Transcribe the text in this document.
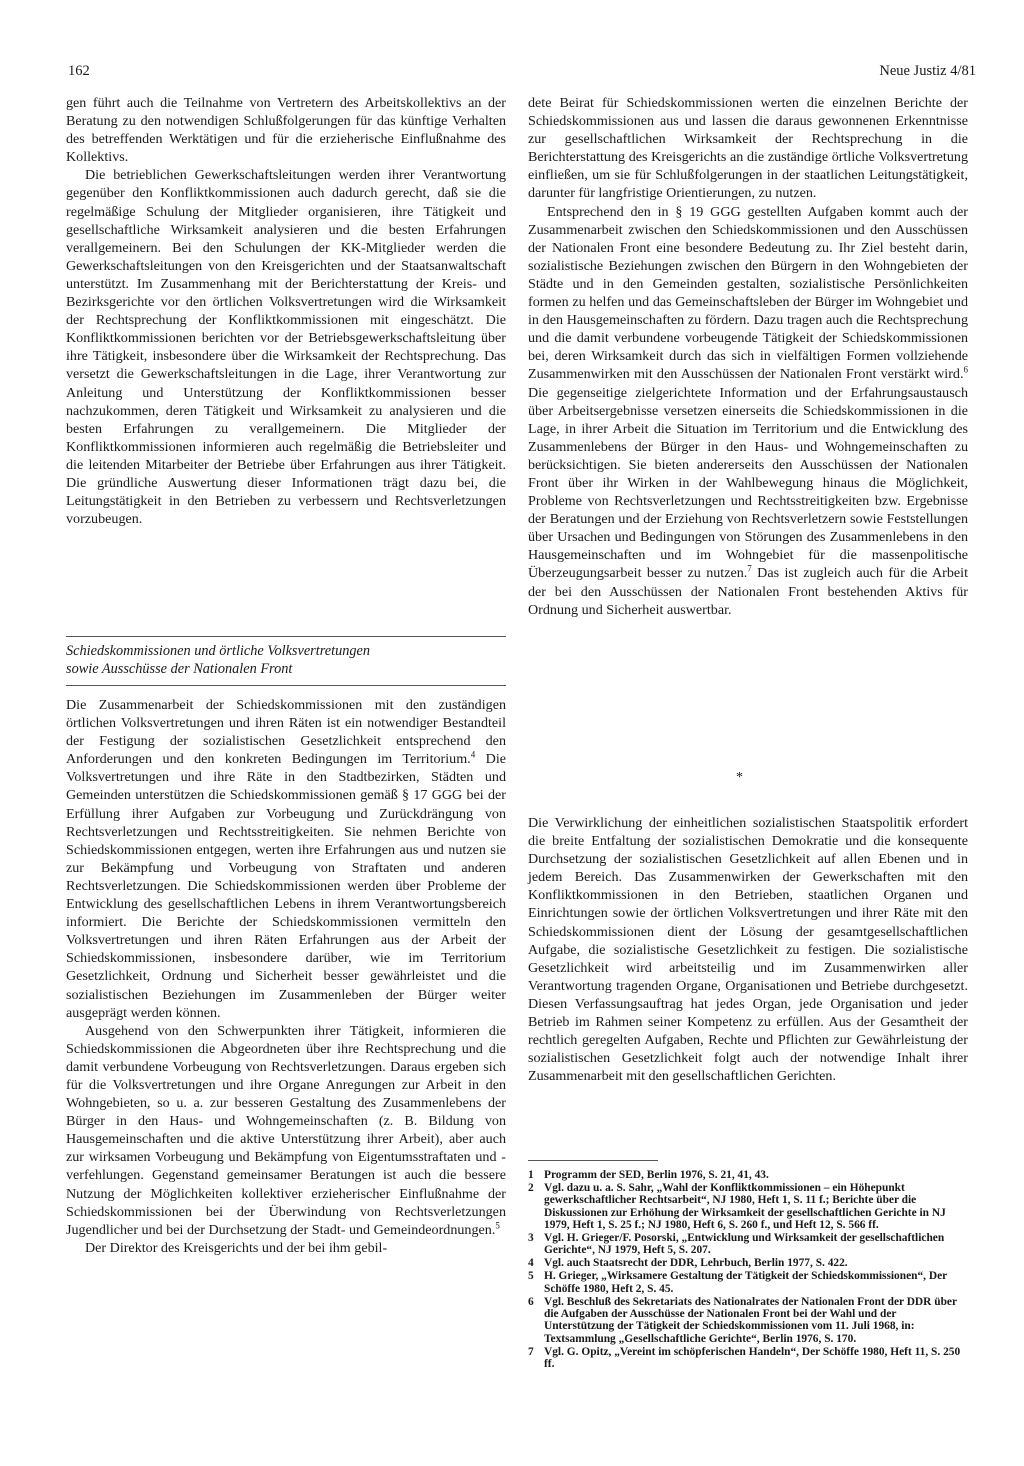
162	Neue Justiz 4/81

gen führt auch die Teilnahme von Vertretern des Arbeitskollektivs an der Beratung zu den notwendigen Schlußfolgerungen für das künftige Verhalten des betreffenden Werktätigen und für die erzieherische Einflußnahme des Kollektivs.

Die betrieblichen Gewerkschaftsleitungen werden ihrer Verantwortung gegenüber den Konfliktkommissionen auch dadurch gerecht, daß sie die regelmäßige Schulung der Mitglieder organisieren, ihre Tätigkeit und gesellschaftliche Wirksamkeit analysieren und die besten Erfahrungen verallgemeinern. Bei den Schulungen der KK-Mitglieder werden die Gewerkschaftsleitungen von den Kreisgerichten und der Staatsanwaltschaft unterstützt. Im Zusammenhang mit der Berichterstattung der Kreis- und Bezirksgerichte vor den örtlichen Volksvertretungen wird die Wirksamkeit der Rechtsprechung der Konfliktkommissionen mit eingeschätzt. Die Konfliktkommissionen berichten vor der Betriebsgewerkschaftsleitung über ihre Tätigkeit, insbesondere über die Wirksamkeit der Rechtsprechung. Das versetzt die Gewerkschaftsleitungen in die Lage, ihrer Verantwortung zur Anleitung und Unterstützung der Konfliktkommissionen besser nachzukommen, deren Tätigkeit und Wirksamkeit zu analysieren und die besten Erfahrungen zu verallgemeinern. Die Mitglieder der Konfliktkommissionen informieren auch regelmäßig die Betriebsleiter und die leitenden Mitarbeiter der Betriebe über Erfahrungen aus ihrer Tätigkeit. Die gründliche Auswertung dieser Informationen trägt dazu bei, die Leitungstätigkeit in den Betrieben zu verbessern und Rechtsverletzungen vorzubeugen.

Schiedskommissionen und örtliche Volksvertretungen
sowie Ausschüsse der Nationalen Front

Die Zusammenarbeit der Schiedskommissionen mit den zuständigen örtlichen Volksvertretungen und ihren Räten ist ein notwendiger Bestandteil der Festigung der sozialistischen Gesetzlichkeit entsprechend den Anforderungen und den konkreten Bedingungen im Territorium.$^4$ Die Volksvertretungen und ihre Räte in den Stadtbezirken, Städten und Gemeinden unterstützen die Schiedskommissionen gemäß § 17 GGG bei der Erfüllung ihrer Aufgaben zur Vorbeugung und Zurückdrängung von Rechtsverletzungen und Rechtsstreitigkeiten. Sie nehmen Berichte von Schiedskommissionen entgegen, werten ihre Erfahrungen aus und nutzen sie zur Bekämpfung und Vorbeugung von Straftaten und anderen Rechtsverletzungen. Die Schiedskommissionen werden über Probleme der Entwicklung des gesellschaftlichen Lebens in ihrem Verantwortungsbereich informiert. Die Berichte der Schiedskommissionen vermitteln den Volksvertretungen und ihren Räten Erfahrungen aus der Arbeit der Schiedskommissionen, insbesondere darüber, wie im Territorium Gesetzlichkeit, Ordnung und Sicherheit besser gewährleistet und die sozialistischen Beziehungen im Zusammenleben der Bürger weiter ausgeprägt werden können.

Ausgehend von den Schwerpunkten ihrer Tätigkeit, informieren die Schiedskommissionen die Abgeordneten über ihre Rechtsprechung und die damit verbundene Vorbeugung von Rechtsverletzungen. Daraus ergeben sich für die Volksvertretungen und ihre Organe Anregungen zur Arbeit in den Wohngebieten, so u. a. zur besseren Gestaltung des Zusammenlebens der Bürger in den Haus- und Wohngemeinschaften (z. B. Bildung von Hausgemeinschaften und die aktive Unterstützung ihrer Arbeit), aber auch zur wirksamen Vorbeugung und Bekämpfung von Eigentumsstraftaten und -verfehlungen. Gegenstand gemeinsamer Beratungen ist auch die bessere Nutzung der Möglichkeiten kollektiver erzieherischer Einflußnahme der Schiedskommissionen bei der Überwindung von Rechtsverletzungen Jugendlicher und bei der Durchsetzung der Stadt- und Gemeindeordnungen.$^5$

Der Direktor des Kreisgerichts und der bei ihm gebil-

dete Beirat für Schiedskommissionen werten die einzelnen Berichte der Schiedskommissionen aus und lassen die daraus gewonnenen Erkenntnisse zur gesellschaftlichen Wirksamkeit der Rechtsprechung in die Berichterstattung des Kreisgerichts an die zuständige örtliche Volksvertretung einfließen, um sie für Schlußfolgerungen in der staatlichen Leitungstätigkeit, darunter für langfristige Orientierungen, zu nutzen.

Entsprechend den in § 19 GGG gestellten Aufgaben kommt auch der Zusammenarbeit zwischen den Schiedskommissionen und den Ausschüssen der Nationalen Front eine besondere Bedeutung zu. Ihr Ziel besteht darin, sozialistische Beziehungen zwischen den Bürgern in den Wohngebieten der Städte und in den Gemeinden gestalten, sozialistische Persönlichkeiten formen zu helfen und das Gemeinschaftsleben der Bürger im Wohngebiet und in den Hausgemeinschaften zu fördern. Dazu tragen auch die Rechtsprechung und die damit verbundene vorbeugende Tätigkeit der Schiedskommissionen bei, deren Wirksamkeit durch das sich in vielfältigen Formen vollziehende Zusammenwirken mit den Ausschüssen der Nationalen Front verstärkt wird.$^6$ Die gegenseitige zielgerichtete Information und der Erfahrungsaustausch über Arbeitsergebnisse versetzen einerseits die Schiedskommissionen in die Lage, in ihrer Arbeit die Situation im Territorium und die Entwicklung des Zusammenlebens der Bürger in den Haus- und Wohngemeinschaften zu berücksichtigen. Sie bieten andererseits den Ausschüssen der Nationalen Front über ihr Wirken in der Wahlbewegung hinaus die Möglichkeit, Probleme von Rechtsverletzungen und Rechtsstreitigkeiten bzw. Ergebnisse der Beratungen und der Erziehung von Rechtsverletzern sowie Feststellungen über Ursachen und Bedingungen von Störungen des Zusammenlebens in den Hausgemeinschaften und im Wohngebiet für die massenpolitische Überzeugungsarbeit besser zu nutzen.$^7$ Das ist zugleich auch für die Arbeit der bei den Ausschüssen der Nationalen Front bestehenden Aktivs für Ordnung und Sicherheit auswertbar.

*

Die Verwirklichung der einheitlichen sozialistischen Staatspolitik erfordert die breite Entfaltung der sozialistischen Demokratie und die konsequente Durchsetzung der sozialistischen Gesetzlichkeit auf allen Ebenen und in jedem Bereich. Das Zusammenwirken der Gewerkschaften mit den Konfliktkommissionen in den Betrieben, staatlichen Organen und Einrichtungen sowie der örtlichen Volksvertretungen und ihrer Räte mit den Schiedskommissionen dient der Lösung der gesamtgesellschaftlichen Aufgabe, die sozialistische Gesetzlichkeit zu festigen. Die sozialistische Gesetzlichkeit wird arbeitsteilig und im Zusammenwirken aller Verantwortung tragenden Organe, Organisationen und Betriebe durchgesetzt. Diesen Verfassungsauftrag hat jedes Organ, jede Organisation und jeder Betrieb im Rahmen seiner Kompetenz zu erfüllen. Aus der Gesamtheit der rechtlich geregelten Aufgaben, Rechte und Pflichten zur Gewährleistung der sozialistischen Gesetzlichkeit folgt auch der notwendige Inhalt ihrer Zusammenarbeit mit den gesellschaftlichen Gerichten.

1 Programm der SED, Berlin 1976, S. 21, 41, 43.
2 Vgl. dazu u. a. S. Sahr, „Wahl der Konfliktkommissionen – ein Höhepunkt gewerkschaftlicher Rechtsarbeit“, NJ 1980, Heft 1, S. 11 f.; Berichte über die Diskussionen zur Erhöhung der Wirksamkeit der gesellschaftlichen Gerichte in NJ 1979, Heft 1, S. 25 f.; NJ 1980, Heft 6, S. 260 f., und Heft 12, S. 566 ff.
3 Vgl. H. Grieger/F. Posorski, „Entwicklung und Wirksamkeit der gesellschaftlichen Gerichte“, NJ 1979, Heft 5, S. 207.
4 Vgl. auch Staatsrecht der DDR, Lehrbuch, Berlin 1977, S. 422.
5 H. Grieger, „Wirksamere Gestaltung der Tätigkeit der Schiedskommissionen“, Der Schöffe 1980, Heft 2, S. 45.
6 Vgl. Beschluß des Sekretariats des Nationalrates der Nationalen Front der DDR über die Aufgaben der Ausschüsse der Nationalen Front bei der Wahl und der Unterstützung der Tätigkeit der Schiedskommissionen vom 11. Juli 1968, in: Textsammlung „Gesellschaftliche Gerichte“, Berlin 1976, S. 170.
7 Vgl. G. Opitz, „Vereint im schöpferischen Handeln“, Der Schöffe 1980, Heft 11, S. 250 ff.
